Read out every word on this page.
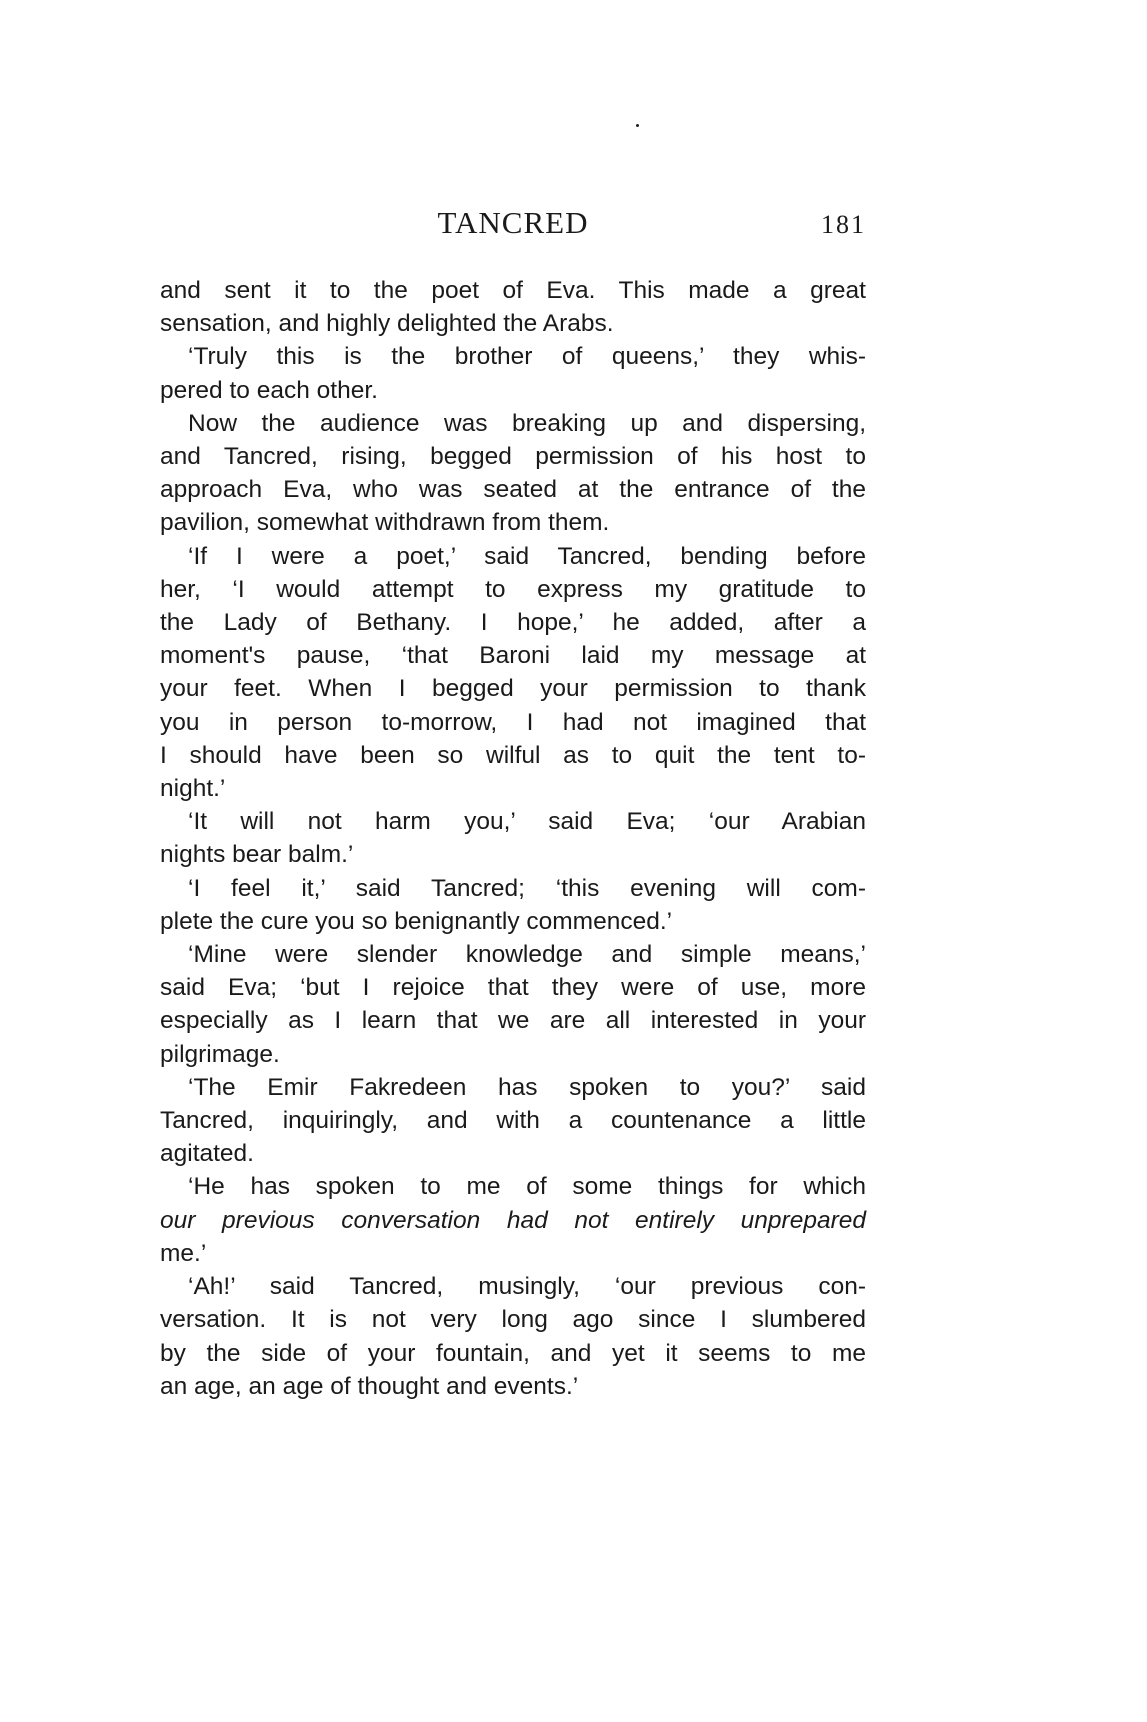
TANCRED	181
and sent it to the poet of Eva. This made a great
sensation, and highly delighted the Arabs.
‘Truly this is the brother of queens,’ they whis-
pered to each other.
Now the audience was breaking up and dispersing,
and Tancred, rising, begged permission of his host to
approach Eva, who was seated at the entrance of the
pavilion, somewhat withdrawn from them.
‘If I were a poet,’ said Tancred, bending before
her, ‘I would attempt to express my gratitude to
the Lady of Bethany. I hope,’ he added, after a
moment's pause, ‘that Baroni laid my message at
your feet. When I begged your permission to thank
you in person to-morrow, I had not imagined that
I should have been so wilful as to quit the tent to-
night.’
‘It will not harm you,’ said Eva; ‘our Arabian
nights bear balm.’
‘I feel it,’ said Tancred; ‘this evening will com-
plete the cure you so benignantly commenced.’
‘Mine were slender knowledge and simple means,’
said Eva; ‘but I rejoice that they were of use, more
especially as I learn that we are all interested in your
pilgrimage.
‘The Emir Fakredeen has spoken to you?’ said
Tancred, inquiringly, and with a countenance a little
agitated.
‘He has spoken to me of some things for which
our previous conversation had not entirely unprepared
me.’
‘Ah!’ said Tancred, musingly, ‘our previous con-
versation. It is not very long ago since I slumbered
by the side of your fountain, and yet it seems to me
an age, an age of thought and events.’
